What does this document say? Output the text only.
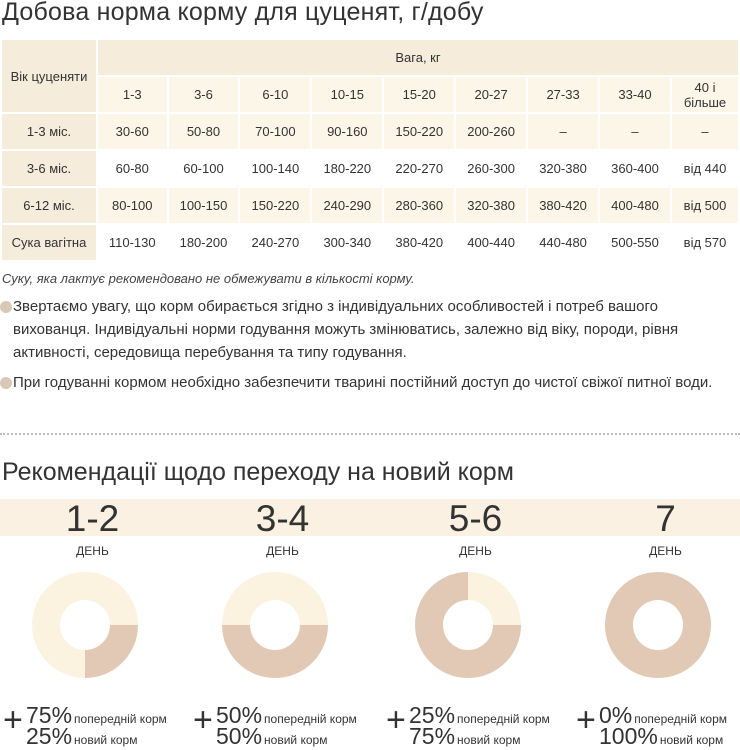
Добова норма корму для цуценят, г/добу
Вік цуценяти	Вага, кг								
	1-3	3-6	6-10	10-15	15-20	20-27	27-33	33-40	40 і більше
1-3 міс.	30-60	50-80	70-100	90-160	150-220	200-260	–	–	–
3-6 міс.	60-80	60-100	100-140	180-220	220-270	260-300	320-380	360-400	від 440
6-12 міс.	80-100	100-150	150-220	240-290	280-360	320-380	380-420	400-480	від 500
Сука вагітна	110-130	180-200	240-270	300-340	380-420	400-440	440-480	500-550	від 570
Суку, яка лактує рекомендовано не обмежувати в кількості корму.
Звертаємо увагу, що корм обирається згідно з індивідуальних особливостей і потреб вашого вихованця. Індивідуальні норми годування можуть змінюватись, залежно від віку, породи, рівня активності, середовища перебування та типу годування.
При годуванні кормом необхідно забезпечити тварині постійний доступ до чистої свіжої питної води.
Рекомендації щодо переходу на новий корм
1-2
ДЕНЬ
+ 75% попередній корм
25% новий корм
3-4
ДЕНЬ
+ 50% попередній корм
50% новий корм
5-6
ДЕНЬ
+ 25% попередній корм
75% новий корм
7
ДЕНЬ
+ 0% попередній корм
100% новий корм
